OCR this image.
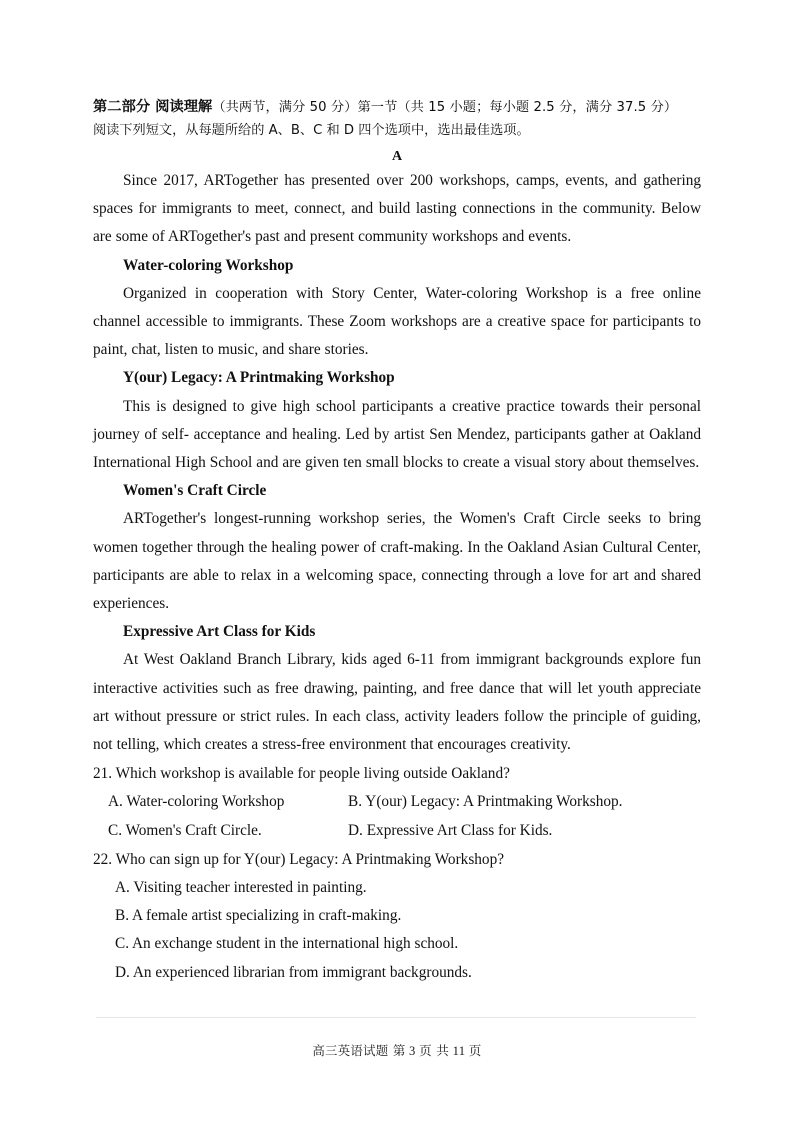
第二部分 阅读理解（共两节，满分 50 分）第一节（共 15 小题；每小题 2.5 分，满分 37.5 分）
阅读下列短文，从每题所给的 A、B、C 和 D 四个选项中，选出最佳选项。
A

Since 2017, ARTogether has presented over 200 workshops, camps, events, and gathering spaces for immigrants to meet, connect, and build lasting connections in the community. Below are some of ARTogether's past and present community workshops and events.

Water-coloring Workshop

Organized in cooperation with Story Center, Water-coloring Workshop is a free online channel accessible to immigrants. These Zoom workshops are a creative space for participants to paint, chat, listen to music, and share stories.

Y(our) Legacy: A Printmaking Workshop

This is designed to give high school participants a creative practice towards their personal journey of self- acceptance and healing. Led by artist Sen Mendez, participants gather at Oakland International High School and are given ten small blocks to create a visual story about themselves.

Women's Craft Circle

ARTogether's longest-running workshop series, the Women's Craft Circle seeks to bring women together through the healing power of craft-making. In the Oakland Asian Cultural Center, participants are able to relax in a welcoming space, connecting through a love for art and shared experiences.

Expressive Art Class for Kids

At West Oakland Branch Library, kids aged 6-11 from immigrant backgrounds explore fun interactive activities such as free drawing, painting, and free dance that will let youth appreciate art without pressure or strict rules. In each class, activity leaders follow the principle of guiding, not telling, which creates a stress-free environment that encourages creativity.

21. Which workshop is available for people living outside Oakland?

A. Water-coloring Workshop	B. Y(our) Legacy: A Printmaking Workshop.
C. Women's Craft Circle.	D. Expressive Art Class for Kids.

22. Who can sign up for Y(our) Legacy: A Printmaking Workshop?

A. Visiting teacher interested in painting.
B. A female artist specializing in craft-making.
C. An exchange student in the international high school.
D. An experienced librarian from immigrant backgrounds.
高三英语试题 第 3 页 共 11 页
